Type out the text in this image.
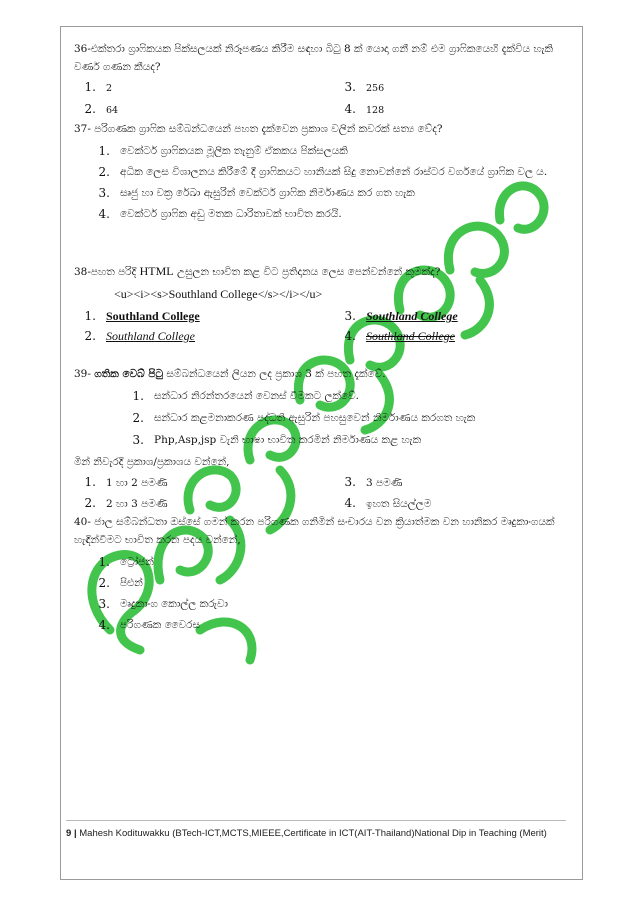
36-එක්තරා ග්‍රාෆිකයක පික්සලයක් නිරූපණය කිරීම සඳහා බිටු 8 ක් යොදා ගනී නම් එම ග්‍රාෆිකයෙහි දැක්විය හැකි වර්ණ ගණන කීයද?

1. 2	3. 256
2. 64	4. 128

37- පරිගණක ග්‍රාෆික සම්බන්ධයෙන් පහත දැක්වෙන ප්‍රකාශ වලින් කවරක් සත්‍ය වේද?

1. වෙක්ටර් ග්‍රාෆිකයක මූලික තැනුම් ඒකකය පික්සලයකි
2. අධික ලෙස විශාලනය කිරීමේ දී ග්‍රාෆිකයට හානියක් සිදු නොවන්නේ රාස්ටර වර්ගයේ ග්‍රාෆික වල ය.
3. සෘජු හා වක්‍ර රේඛා ඇසුරින් වෙක්ටර් ග්‍රාෆික නිර්මාණය කර ගත හැක
4. වෙක්ටර් ග්‍රාෆික අඩු මතක ධාරිතාවක් භාවිත කරයි.

38-පහත පරිදි HTML උසුලන භාවිත කළ විට ප්‍රතිදානය ලෙස පෙන්වන්නේ කුමක්ද?

<u><i><s>Southland College</s></i></u>
1. Southland College	3. Southland College
2. Southland College	4. Southland College

39- ගතික වෙබ් පිටු සම්බන්ධයෙන් ලියන ලද ප්‍රකාශ 3 ක් පහත දැක්වේ.

1. සන්ධාර නිරන්තරයෙන් වෙනස් වීමකට ලක්වේ.
2. සන්ධාර කළමනාකරණ පද්ධති ඇසුරින් පහසුවෙන් නිර්මාණය කරගත හැක
3. Php,Asp,jsp වැනි භාෂා භාවිත කරමින් නිර්මාණය කළ හැක

මින් නිවැරදි ප්‍රකාශ/ප්‍රකාශය වන්නේ,

1. 1 හා 2 පමණි	3. 3 පමණි
2. 2 හා 3 පමණි	4. ඉහත සියල්ලම

40- ජාල සම්බන්ධතා ඔස්සේ ගමන් කරන පරිගණක ගනිමින් සංචාරය වන ක්‍රියාත්මක වන හානිකර මෘදුකාංගයක් හැඳින්වීමට භාවිත කරන පදය වන්නේ,

1. ට්‍රෝජන්
2. පිළුන්
3. මෘදුකාංග කොල්ල කරුවා
4. පරිගණක වෛරස
9 | Mahesh Kodituwakku (BTech-ICT,MCTS,MIEEE,Certificate in ICT(AIT-Thailand)National Dip in Teaching (Merit)
